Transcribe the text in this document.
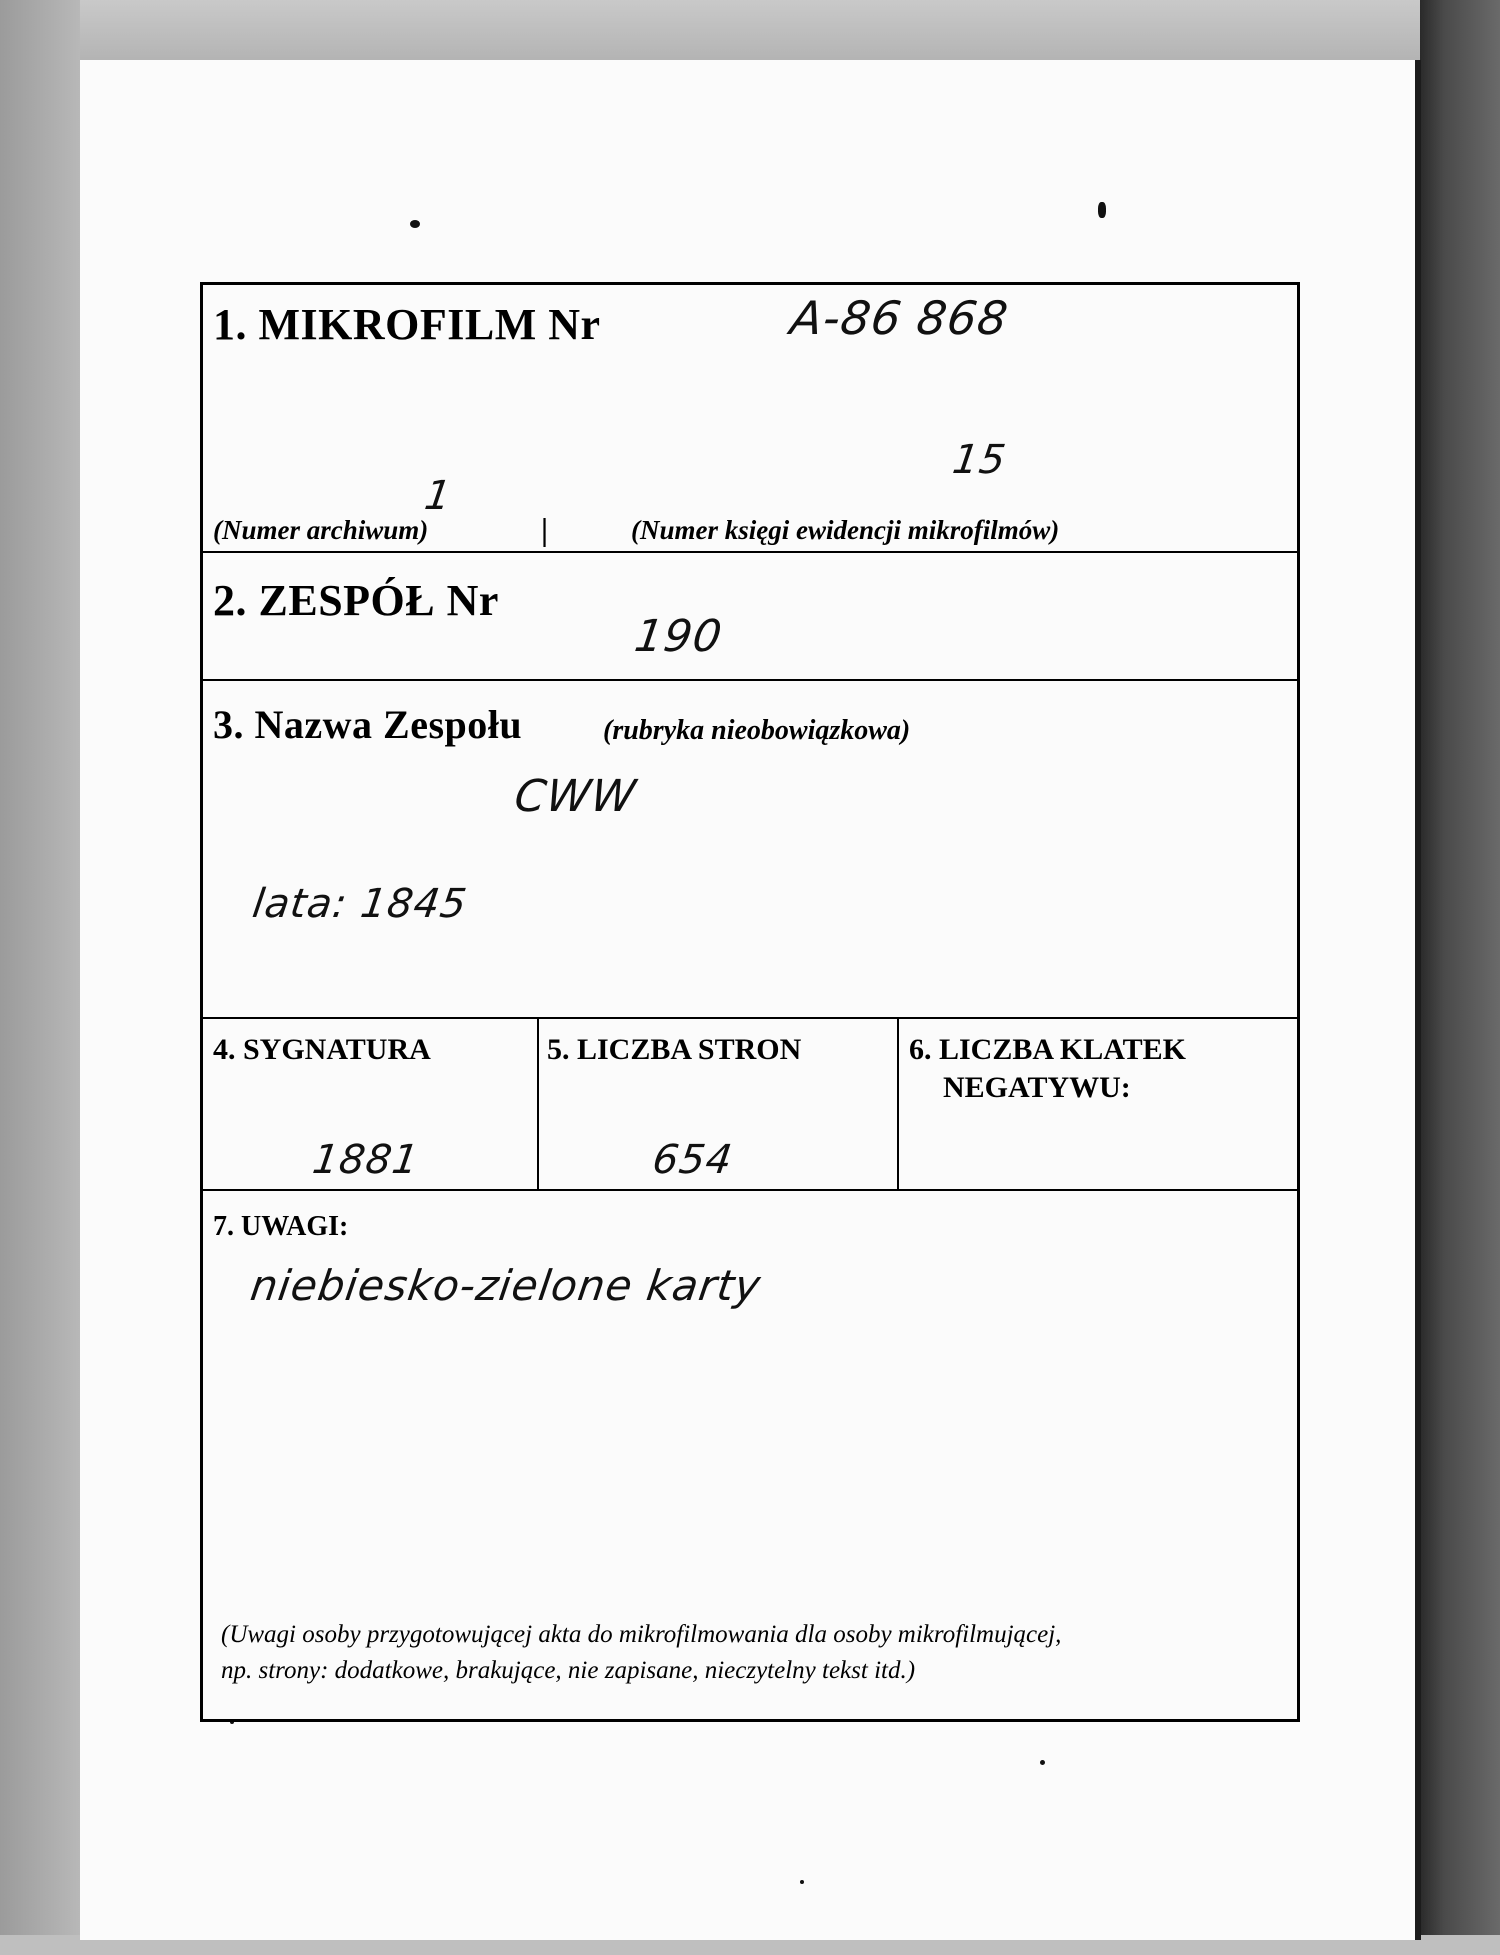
1. MIKROFILM Nr	A-86 868
1
15
(Numer archiwum)	|	(Numer księgi ewidencji mikrofilmów)
2. ZESPÓŁ Nr
190
3. Nazwa Zespołu	(rubryka nieobowiązkowa)
CWW
lata: 1845
4. SYGNATURA
1881
5. LICZBA STRON
654
6. LICZBA KLATEK
NEGATYWU:
7. UWAGI:
niebiesko-zielone karty
(Uwagi osoby przygotowującej akta do mikrofilmowania dla osoby mikrofilmującej,
np. strony: dodatkowe, brakujące, nie zapisane, nieczytelny tekst itd.)
